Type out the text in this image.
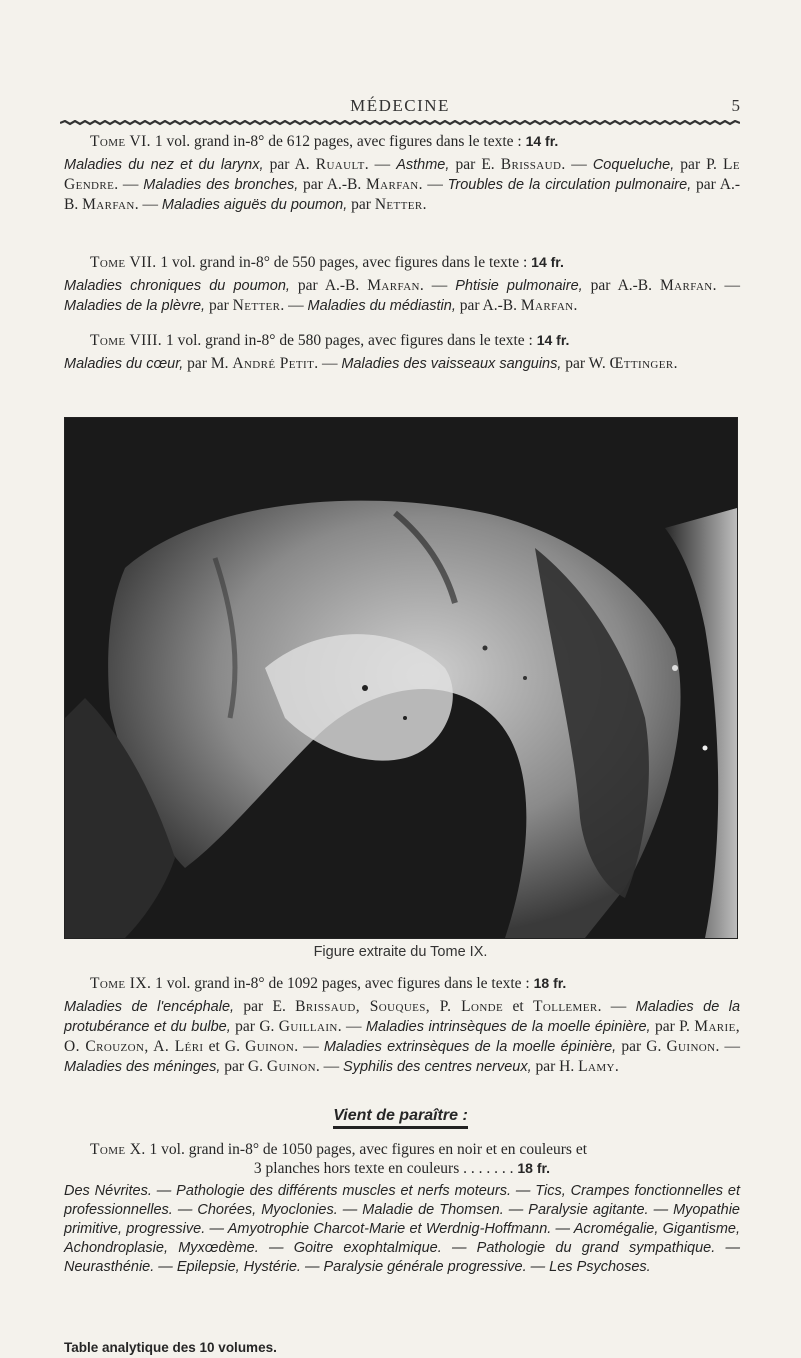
MÉDECINE	5
Tome VI. 1 vol. grand in-8° de 612 pages, avec figures dans le texte : 14 fr.
Maladies du nez et du larynx, par A. Ruault. — Asthme, par E. Brissaud. — Coqueluche, par P. Le Gendre. — Maladies des bronches, par A.-B. Marfan. — Troubles de la circulation pulmonaire, par A.-B. Marfan. — Maladies aiguës du poumon, par Netter.
Tome VII. 1 vol. grand in-8° de 550 pages, avec figures dans le texte : 14 fr.
Maladies chroniques du poumon, par A.-B. Marfan. — Phtisie pulmonaire, par A.-B. Marfan. — Maladies de la plèvre, par Netter. — Maladies du médiastin, par A.-B. Marfan.
Tome VIII. 1 vol. grand in-8° de 580 pages, avec figures dans le texte : 14 fr.
Maladies du cœur, par M. André Petit. — Maladies des vaisseaux sanguins, par W. Œttinger.
Figure extraite du Tome IX.
Tome IX. 1 vol. grand in-8° de 1092 pages, avec figures dans le texte : 18 fr.
Maladies de l'encéphale, par E. Brissaud, Souques, P. Londe et Tollemer. — Maladies de la protubérance et du bulbe, par G. Guillain. — Maladies intrinsèques de la moelle épinière, par P. Marie, O. Crouzon, A. Léri et G. Guinon. — Maladies extrinsèques de la moelle épinière, par G. Guinon. — Maladies des méninges, par G. Guinon. — Syphilis des centres nerveux, par H. Lamy.
Vient de paraître :
Tome X. 1 vol. grand in-8° de 1050 pages, avec figures en noir et en couleurs et
3 planches hors texte en couleurs . . . . . . . 18 fr.
Des Névrites. — Pathologie des différents muscles et nerfs moteurs. — Tics, Crampes fonctionnelles et professionnelles. — Chorées, Myoclonies. — Maladie de Thomsen. — Paralysie agitante. — Myopathie primitive, progressive. — Amyotrophie Charcot-Marie et Werdnig-Hoffmann. — Acromégalie, Gigantisme, Achondroplasie, Myxœdème. — Goitre exophtalmique. — Pathologie du grand sympathique. — Neurasthénie. — Epilepsie, Hystérie. — Paralysie générale progressive. — Les Psychoses.
Table analytique des 10 volumes.
